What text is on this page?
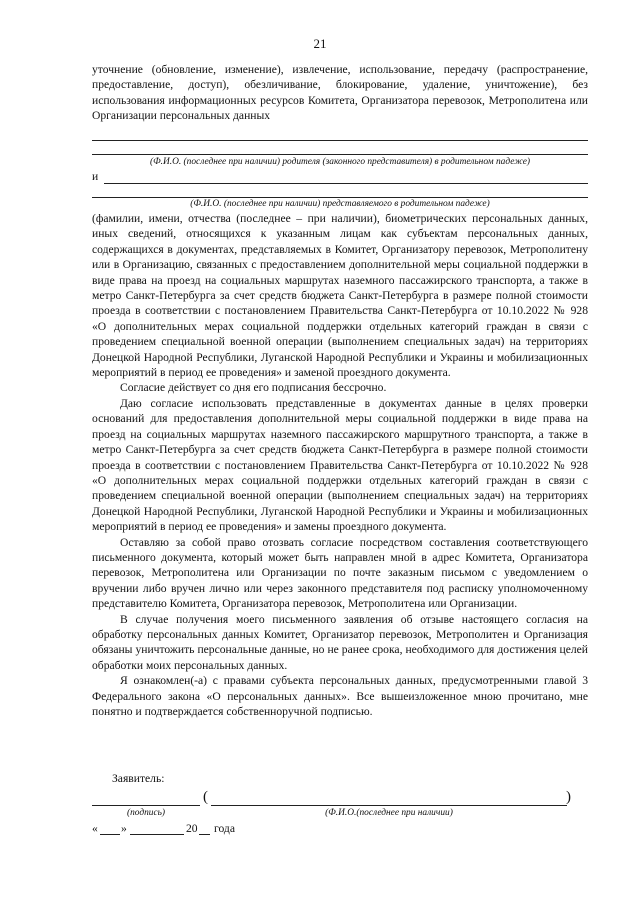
21

уточнение (обновление, изменение), извлечение, использование, передачу (распространение, предоставление, доступ), обезличивание, блокирование, удаление, уничтожение), без использования информационных ресурсов Комитета, Организатора перевозок, Метрополитена или Организации персональных данных

(Ф.И.О. (последнее при наличии) родителя (законного представителя) в родительном падеже)
и
(Ф.И.О. (последнее при наличии) представляемого в родительном падеже)

(фамилии, имени, отчества (последнее – при наличии), биометрических персональных данных, иных сведений, относящихся к указанным лицам как субъектам персональных данных, содержащихся в документах, представляемых в Комитет, Организатору перевозок, Метрополитену или в Организацию, связанных с предоставлением дополнительной меры социальной поддержки в виде права на проезд на социальных маршрутах наземного пассажирского транспорта, а также в метро Санкт-Петербурга за счет средств бюджета Санкт-Петербурга в размере полной стоимости проезда в соответствии с постановлением Правительства Санкт-Петербурга от 10.10.2022 № 928 «О дополнительных мерах социальной поддержки отдельных категорий граждан в связи с проведением специальной военной операции (выполнением специальных задач) на территориях Донецкой Народной Республики, Луганской Народной Республики и Украины и мобилизационных мероприятий в период ее проведения» и заменой проездного документа.

Согласие действует со дня его подписания бессрочно.

Даю согласие использовать представленные в документах данные в целях проверки оснований для предоставления дополнительной меры социальной поддержки в виде права на проезд на социальных маршрутах наземного пассажирского маршрутного транспорта, а также в метро Санкт-Петербурга за счет средств бюджета Санкт-Петербурга в размере полной стоимости проезда в соответствии с постановлением Правительства Санкт-Петербурга от 10.10.2022 № 928 «О дополнительных мерах социальной поддержки отдельных категорий граждан в связи с проведением специальной военной операции (выполнением специальных задач) на территориях Донецкой Народной Республики, Луганской Народной Республики и Украины и мобилизационных мероприятий в период ее проведения» и замены проездного документа.

Оставляю за собой право отозвать согласие посредством составления соответствующего письменного документа, который может быть направлен мной в адрес Комитета, Организатора перевозок, Метрополитена или Организации по почте заказным письмом с уведомлением о вручении либо вручен лично или через законного представителя под расписку уполномоченному представителю Комитета, Организатора перевозок, Метрополитена или Организации.

В случае получения моего письменного заявления об отзыве настоящего согласия на обработку персональных данных Комитет, Организатор перевозок, Метрополитен и Организация обязаны уничтожить персональные данные, но не ранее срока, необходимого для достижения целей обработки моих персональных данных.

Я ознакомлен(-а) с правами субъекта персональных данных, предусмотренными главой 3 Федерального закона «О персональных данных». Все вышеизложенное мною прочитано, мне понятно и подтверждается собственноручной подписью.

Заявитель:
(	)
(подпись)	(Ф.И.О.(последнее при наличии)
« »	20 года
